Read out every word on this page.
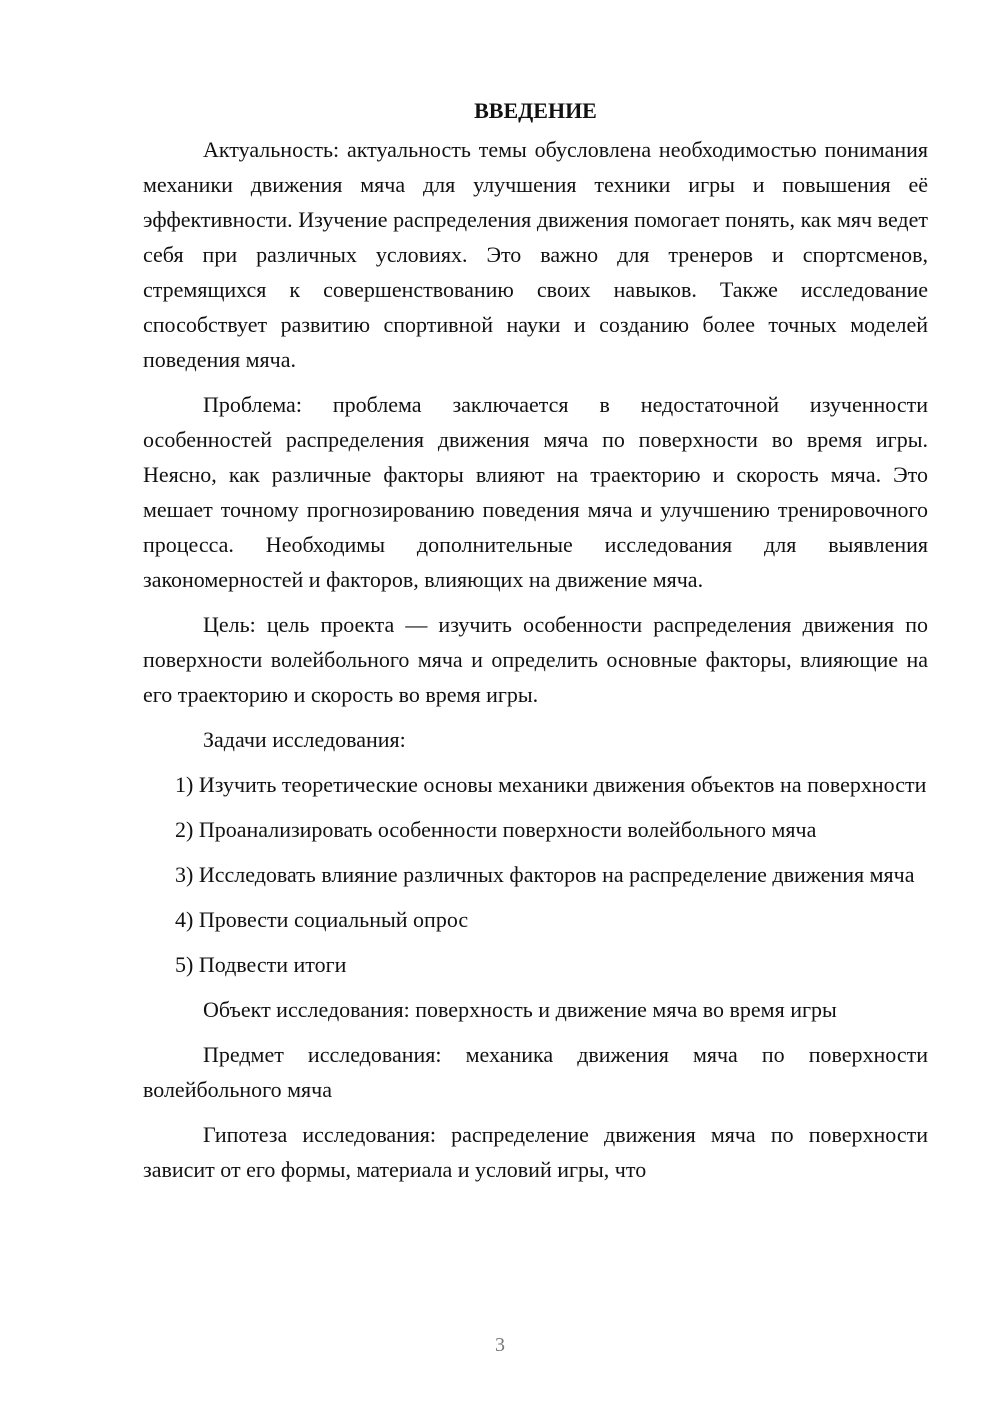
ВВЕДЕНИЕ

Актуальность: актуальность темы обусловлена необходимостью понимания механики движения мяча для улучшения техники игры и повышения её эффективности. Изучение распределения движения помогает понять, как мяч ведет себя при различных условиях. Это важно для тренеров и спортсменов, стремящихся к совершенствованию своих навыков. Также исследование способствует развитию спортивной науки и созданию более точных моделей поведения мяча.

Проблема: проблема заключается в недостаточной изученности особенностей распределения движения мяча по поверхности во время игры. Неясно, как различные факторы влияют на траекторию и скорость мяча. Это мешает точному прогнозированию поведения мяча и улучшению тренировочного процесса. Необходимы дополнительные исследования для выявления закономерностей и факторов, влияющих на движение мяча.

Цель: цель проекта — изучить особенности распределения движения по поверхности волейбольного мяча и определить основные факторы, влияющие на его траекторию и скорость во время игры.

Задачи исследования:

1) Изучить теоретические основы механики движения объектов на поверхности

2) Проанализировать особенности поверхности волейбольного мяча

3) Исследовать влияние различных факторов на распределение движения мяча

4) Провести социальный опрос

5) Подвести итоги

Объект исследования: поверхность и движение мяча во время игры

Предмет исследования: механика движения мяча по поверхности волейбольного мяча

Гипотеза исследования: распределение движения мяча по поверхности зависит от его формы, материала и условий игры, что

3
